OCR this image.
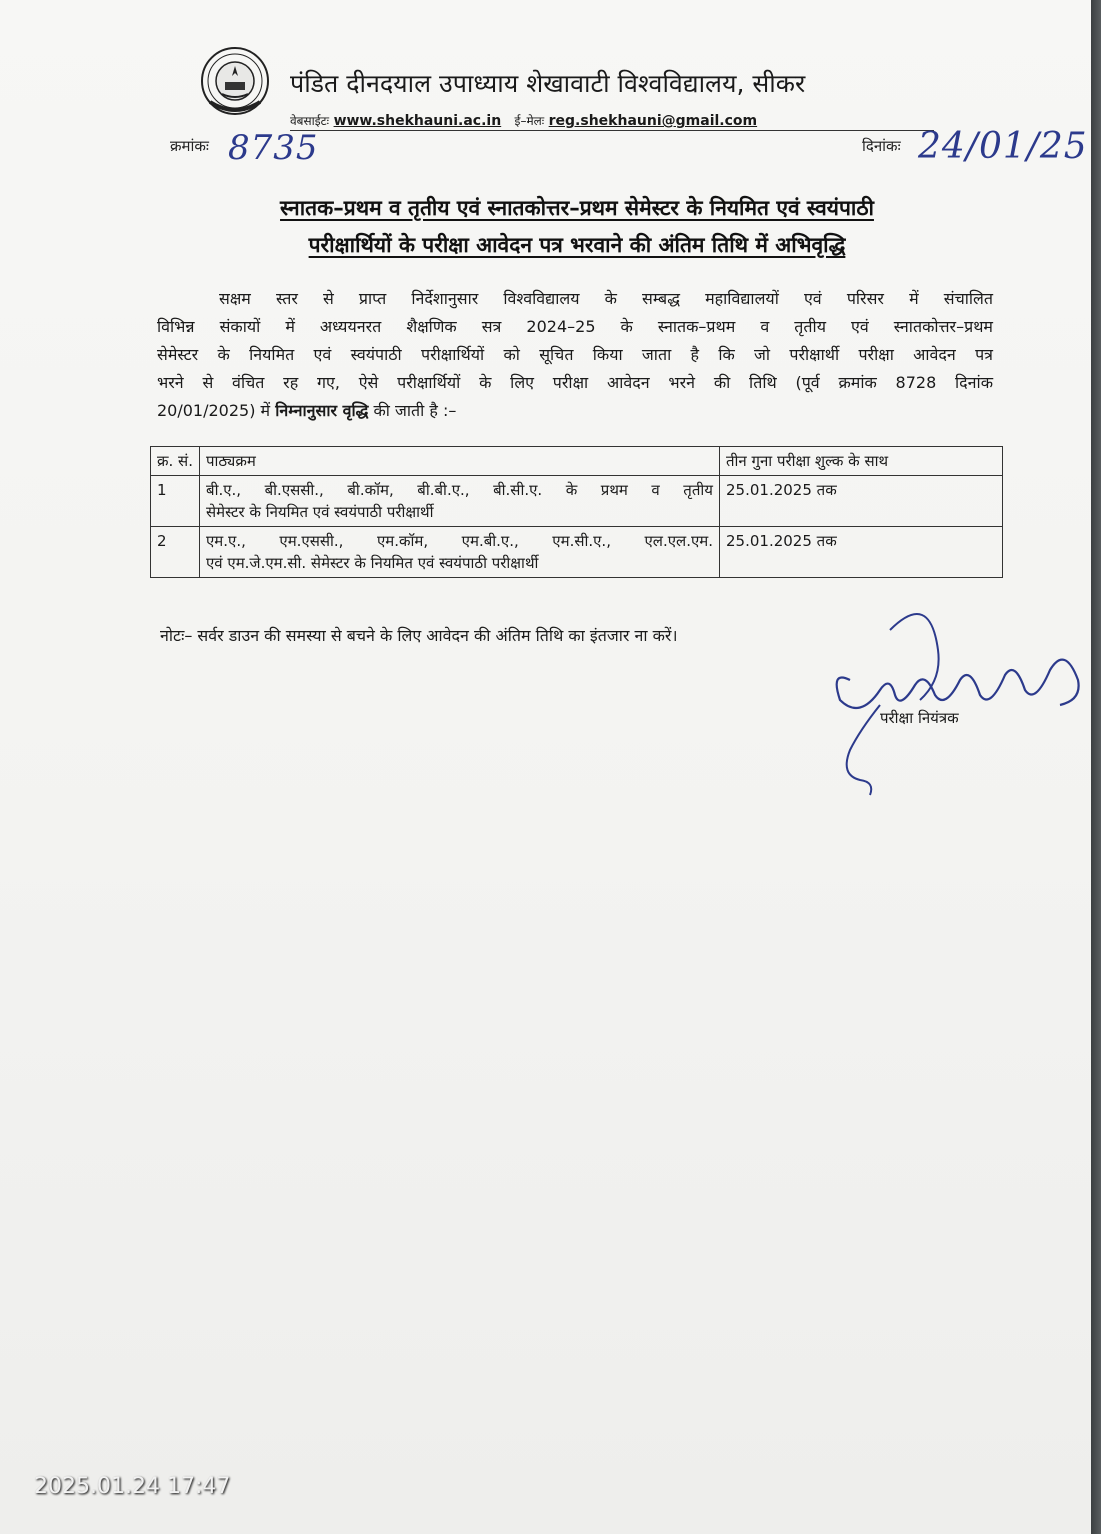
पंडित दीनदयाल उपाध्याय शेखावाटी विश्वविद्यालय, सीकर
वेबसाईटः www.shekhauni.ac.in ई–मेलः reg.shekhauni@gmail.com
क्रमांकः 8735	दिनांकः 24/01/25
स्नातक–प्रथम व तृतीय एवं स्नातकोत्तर–प्रथम सेमेस्टर के नियमित एवं स्वयंपाठी
परीक्षार्थियों के परीक्षा आवेदन पत्र भरवाने की अंतिम तिथि में अभिवृद्धि
सक्षम स्तर से प्राप्त निर्देशानुसार विश्वविद्यालय के सम्बद्ध महाविद्यालयों एवं परिसर में संचालित
विभिन्न संकायों में अध्ययनरत शैक्षणिक सत्र 2024–25 के स्नातक–प्रथम व तृतीय एवं स्नातकोत्तर–प्रथम
सेमेस्टर के नियमित एवं स्वयंपाठी परीक्षार्थियों को सूचित किया जाता है कि जो परीक्षार्थी परीक्षा आवेदन पत्र
भरने से वंचित रह गए, ऐसे परीक्षार्थियों के लिए परीक्षा आवेदन भरने की तिथि (पूर्व क्रमांक 8728 दिनांक
20/01/2025) में निम्नानुसार वृद्धि की जाती है :–
क्र. सं.	पाठ्यक्रम	तीन गुना परीक्षा शुल्क के साथ
1	बी.ए., बी.एससी., बी.कॉम, बी.बी.ए., बी.सी.ए. के प्रथम व तृतीय
सेमेस्टर के नियमित एवं स्वयंपाठी परीक्षार्थी	25.01.2025 तक
2	एम.ए., एम.एससी., एम.कॉम, एम.बी.ए., एम.सी.ए., एल.एल.एम.
एवं एम.जे.एम.सी. सेमेस्टर के नियमित एवं स्वयंपाठी परीक्षार्थी	25.01.2025 तक
नोटः– सर्वर डाउन की समस्या से बचने के लिए आवेदन की अंतिम तिथि का इंतजार ना करें।
परीक्षा नियंत्रक
2025.01.24 17:47
